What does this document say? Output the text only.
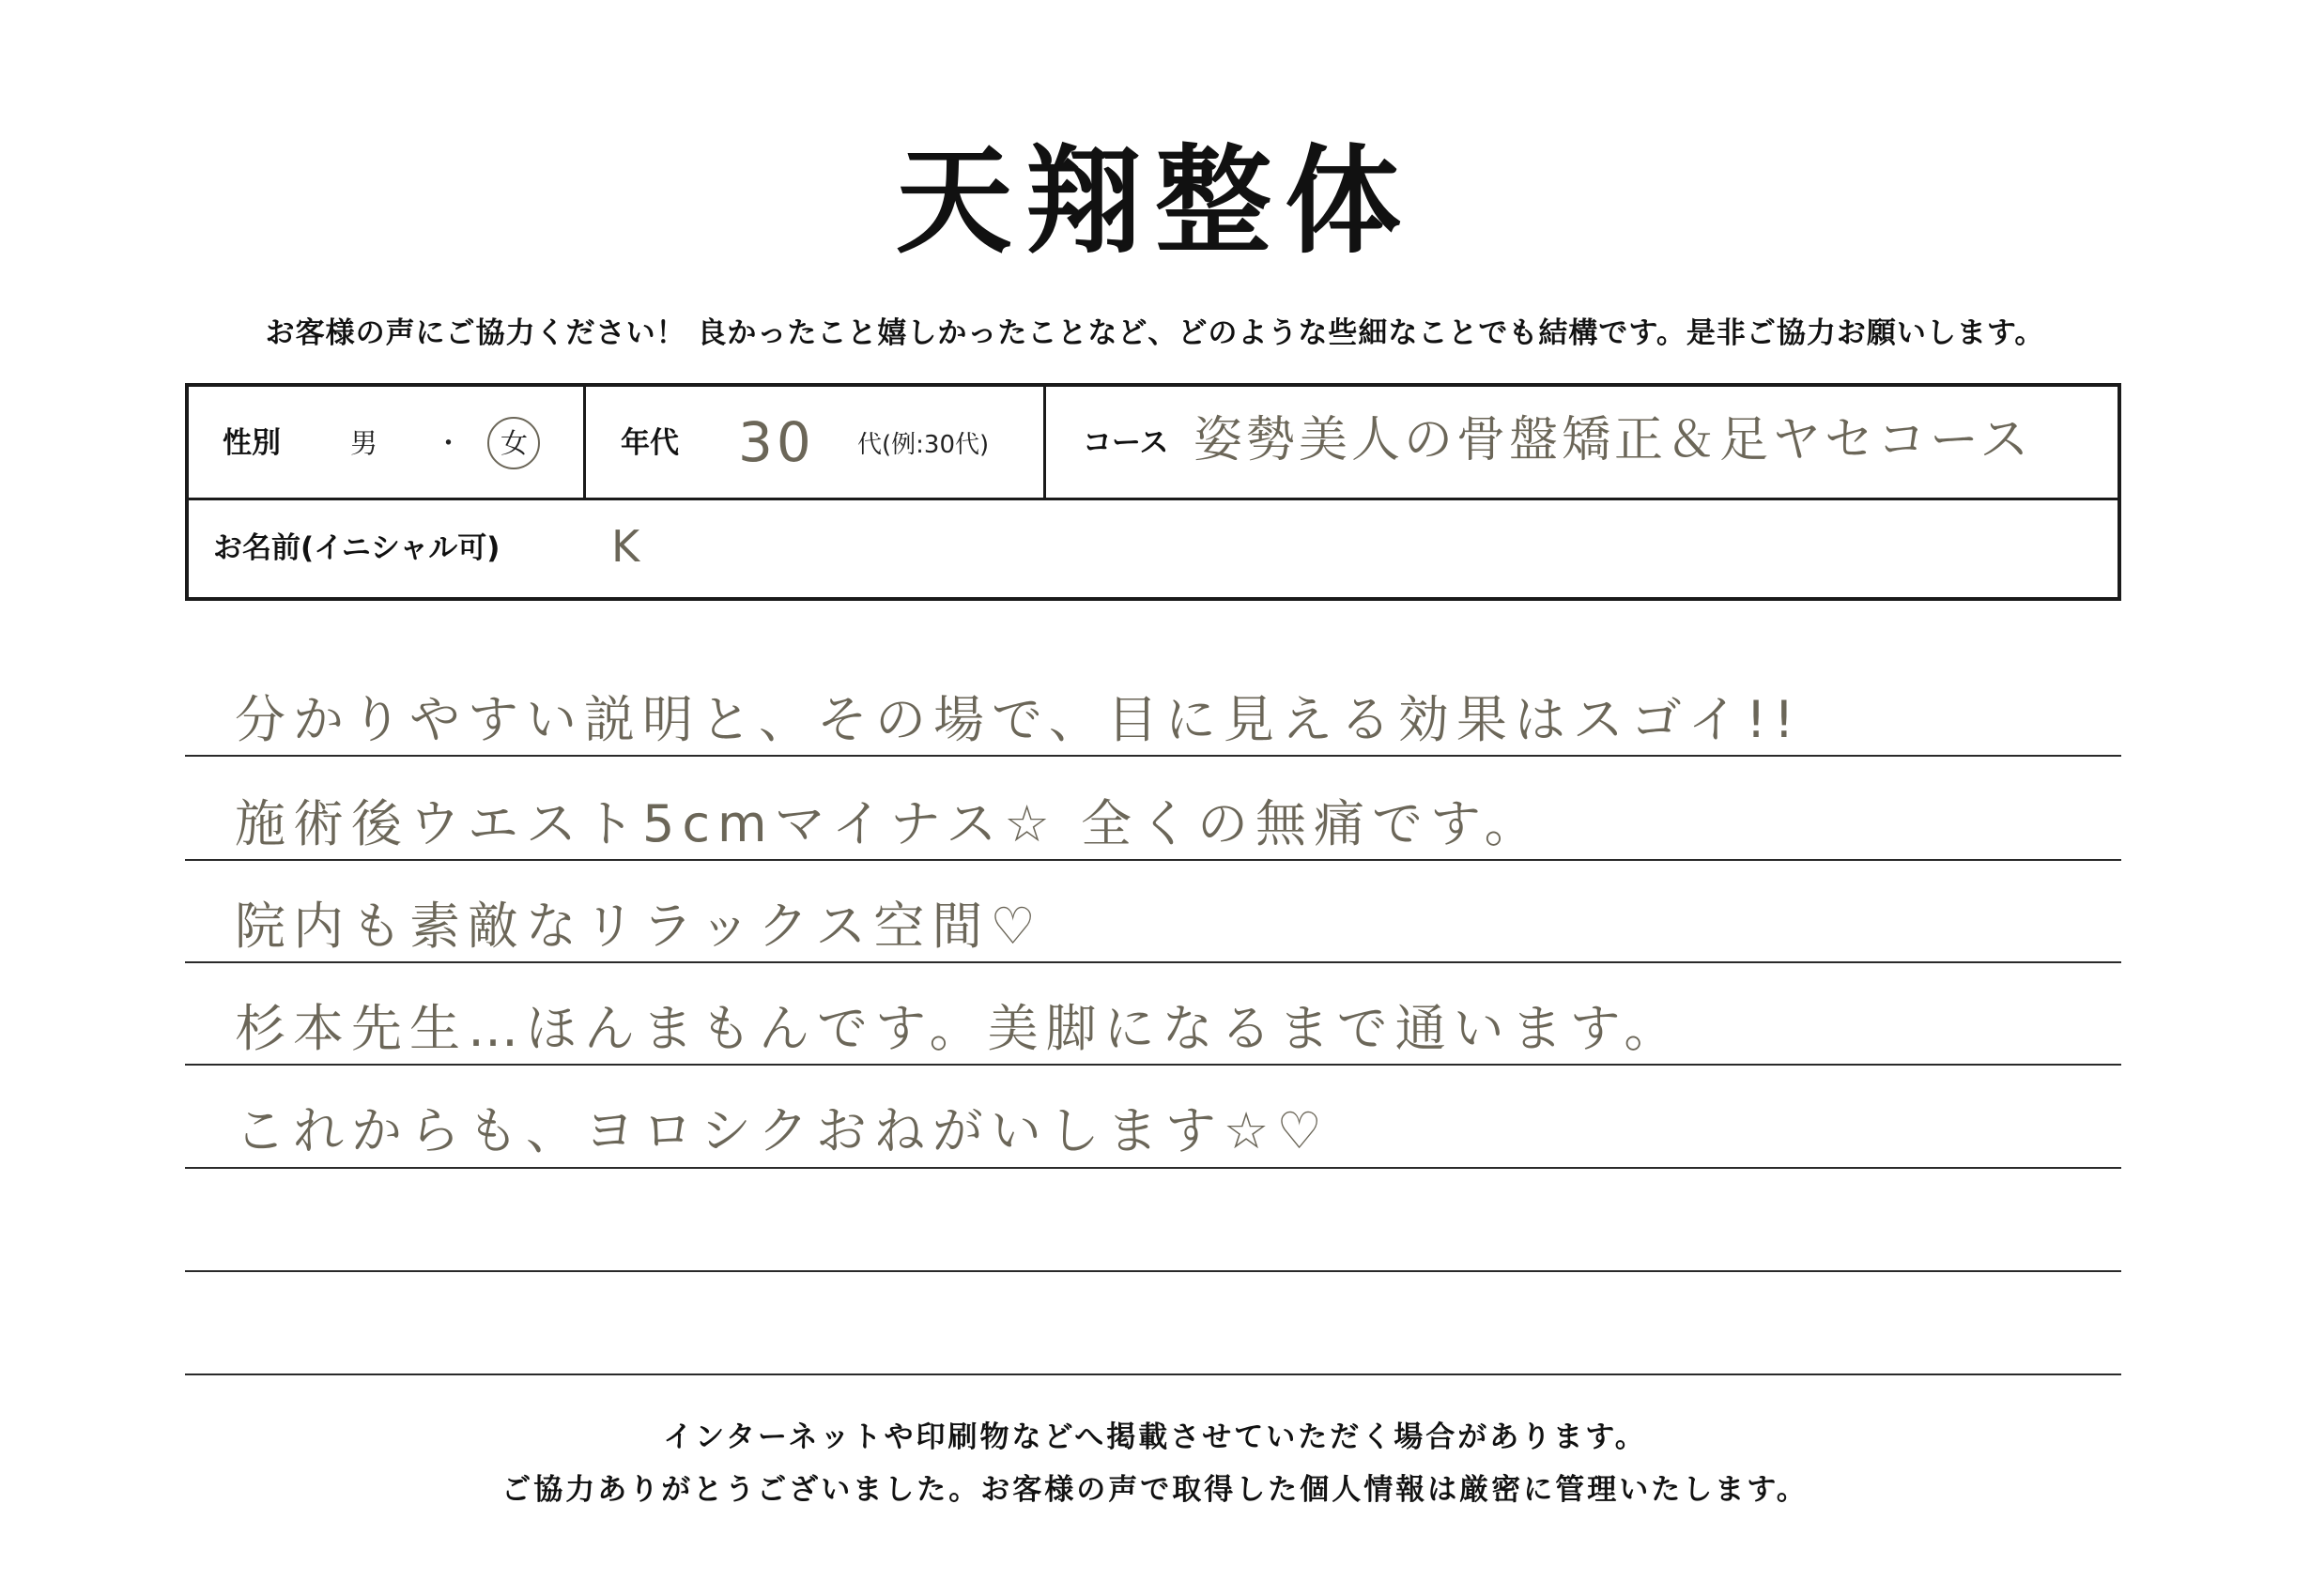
天翔整体
お客様の声にご協力ください！ 良かったこと嬉しかったことなど、どのような些細なことでも結構です。是非ご協力お願いします。
性別	男 ・ 女	年代 30 代(例:30代)	コース 姿勢美人の骨盤矯正＆足ヤセコース
お名前(イニシャル可)	K
分かりやすい説明と、その場で、目に見える効果はスゴイ!!
施術後ウエスト5cmマイナス☆ 全くの無痛です。
院内も素敵なリラックス空間♡
杉本先生…ほんまもんです。美脚になるまで通います。
これからも、ヨロシクおねがいします☆♡
インターネットや印刷物などへ掲載させていただく場合があります。
ご協力ありがとうございました。お客様の声で取得した個人情報は厳密に管理いたします。
